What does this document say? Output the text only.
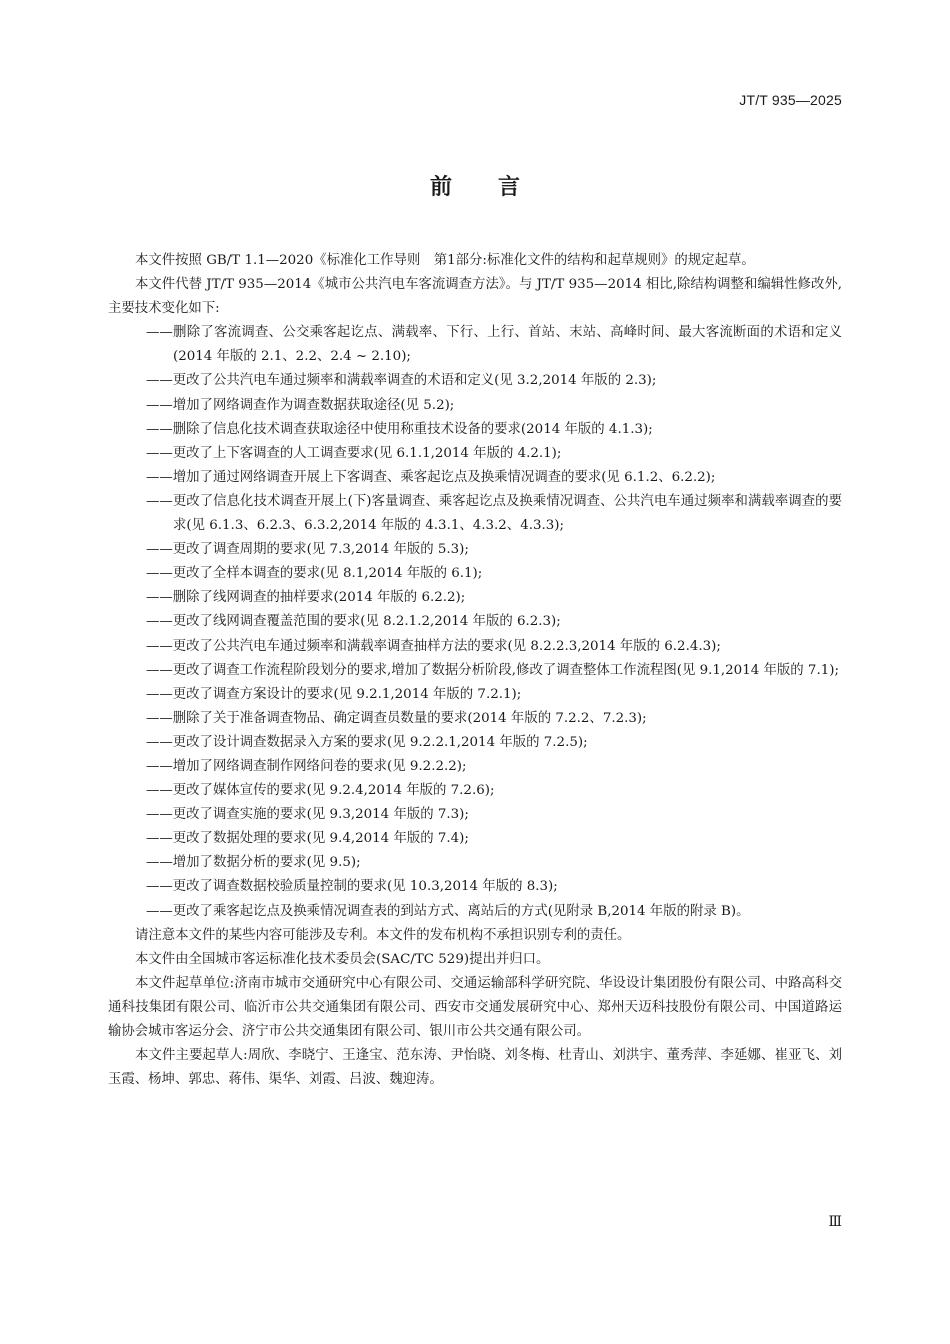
JT/T 935—2025
前言

本文件按照 GB/T 1.1—2020《标准化工作导则　第1部分:标准化文件的结构和起草规则》的规定起草。

本文件代替 JT/T 935—2014《城市公共汽电车客流调查方法》。与 JT/T 935—2014 相比,除结构调整和编辑性修改外,主要技术变化如下:

——删除了客流调查、公交乘客起讫点、满载率、下行、上行、首站、末站、高峰时间、最大客流断面的术语和定义(2014 年版的 2.1、2.2、2.4 ~ 2.10);

——更改了公共汽电车通过频率和满载率调查的术语和定义(见 3.2,2014 年版的 2.3);

——增加了网络调查作为调查数据获取途径(见 5.2);

——删除了信息化技术调查获取途径中使用称重技术设备的要求(2014 年版的 4.1.3);

——更改了上下客调查的人工调查要求(见 6.1.1,2014 年版的 4.2.1);

——增加了通过网络调查开展上下客调查、乘客起讫点及换乘情况调查的要求(见 6.1.2、6.2.2);

——更改了信息化技术调查开展上(下)客量调查、乘客起讫点及换乘情况调查、公共汽电车通过频率和满载率调查的要求(见 6.1.3、6.2.3、6.3.2,2014 年版的 4.3.1、4.3.2、4.3.3);

——更改了调查周期的要求(见 7.3,2014 年版的 5.3);

——更改了全样本调查的要求(见 8.1,2014 年版的 6.1);

——删除了线网调查的抽样要求(2014 年版的 6.2.2);

——更改了线网调查覆盖范围的要求(见 8.2.1.2,2014 年版的 6.2.3);

——更改了公共汽电车通过频率和满载率调查抽样方法的要求(见 8.2.2.3,2014 年版的 6.2.4.3);

——更改了调查工作流程阶段划分的要求,增加了数据分析阶段,修改了调查整体工作流程图(见 9.1,2014 年版的 7.1);

——更改了调查方案设计的要求(见 9.2.1,2014 年版的 7.2.1);

——删除了关于准备调查物品、确定调查员数量的要求(2014 年版的 7.2.2、7.2.3);

——更改了设计调查数据录入方案的要求(见 9.2.2.1,2014 年版的 7.2.5);

——增加了网络调查制作网络问卷的要求(见 9.2.2.2);

——更改了媒体宣传的要求(见 9.2.4,2014 年版的 7.2.6);

——更改了调查实施的要求(见 9.3,2014 年版的 7.3);

——更改了数据处理的要求(见 9.4,2014 年版的 7.4);

——增加了数据分析的要求(见 9.5);

——更改了调查数据校验质量控制的要求(见 10.3,2014 年版的 8.3);

——更改了乘客起讫点及换乘情况调查表的到站方式、离站后的方式(见附录 B,2014 年版的附录 B)。

请注意本文件的某些内容可能涉及专利。本文件的发布机构不承担识别专利的责任。

本文件由全国城市客运标准化技术委员会(SAC/TC 529)提出并归口。

本文件起草单位:济南市城市交通研究中心有限公司、交通运输部科学研究院、华设设计集团股份有限公司、中路高科交通科技集团有限公司、临沂市公共交通集团有限公司、西安市交通发展研究中心、郑州天迈科技股份有限公司、中国道路运输协会城市客运分会、济宁市公共交通集团有限公司、银川市公共交通有限公司。

本文件主要起草人:周欣、李晓宁、王逢宝、范东涛、尹怡晓、刘冬梅、杜青山、刘洪宇、董秀萍、李延娜、崔亚飞、刘玉霞、杨坤、郭忠、蒋伟、渠华、刘霞、吕波、魏迎涛。

Ⅲ
